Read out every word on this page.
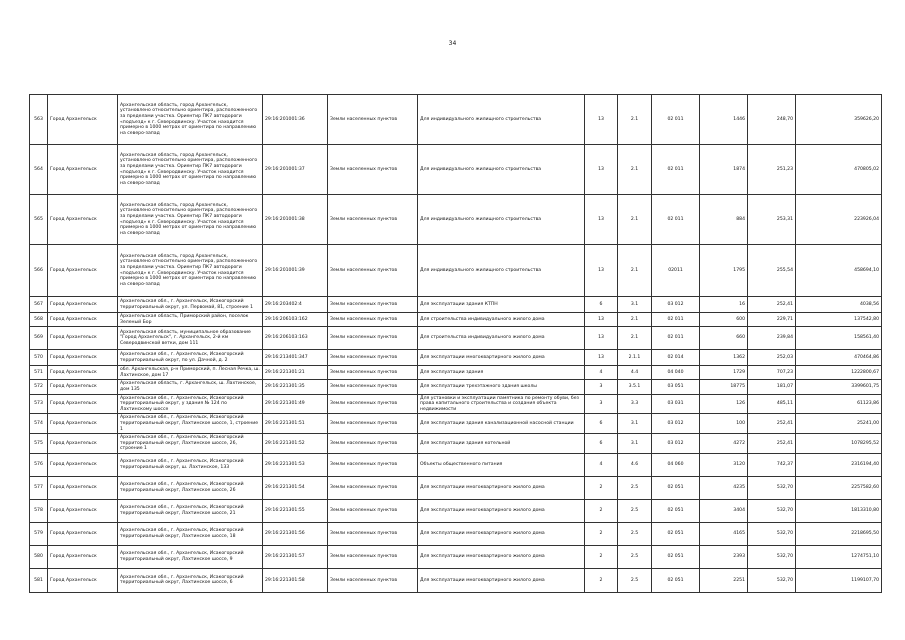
34
563	Город Архангельск	Архангельская область, город Архангельск, установлено относительно ориентира, расположенного за пределами участка. Ориентир ПК7 автодороги «подъезд» к г. Северодвинску. Участок находится примерно в 1000 метрах от ориентира по направлению на северо-запад	29:16:201001:36	Земли населенных пунктов	Для индивидуального жилищного строительства	13	2.1	02 011	1446	248,70	359626,20
564	Город Архангельск	Архангельская область, город Архангельск, установлено относительно ориентира, расположенного за пределами участка. Ориентир ПК7 автодороги «подъезд» к г. Северодвинску. Участок находится примерно в 1000 метрах от ориентира по направлению на северо-запад	29:16:201001:37	Земли населенных пунктов	Для индивидуального жилищного строительства	13	2.1	02 011	1874	251,23	470805,02
565	Город Архангельск	Архангельская область, город Архангельск, установлено относительно ориентира, расположенного за пределами участка. Ориентир ПК7 автодороги «подъезд» к г. Северодвинску. Участок находится примерно в 1000 метрах от ориентира по направлению на северо-запад	29:16:201001:38	Земли населенных пунктов	Для индивидуального жилищного строительства	13	2.1	02 011	884	253,31	223926,04
566	Город Архангельск	Архангельская область, город Архангельск, установлено относительно ориентира, расположенного за пределами участка. Ориентир ПК7 автодороги «подъезд» к г. Северодвинску. Участок находится примерно в 1000 метрах от ориентира по направлению на северо-запад	29:16:201001:39	Земли населенных пунктов	Для индивидуального жилищного строительства	13	2.1	02011	1795	255,54	458694,10
567	Город Архангельск	Архангельская обл., г. Архангельск, Исакогорский территориальный округ, ул. Первомай, 81, строение 1	29:16:203402:4	Земли населенных пунктов	Для эксплуатации здания КТПН	6	3.1	03 012	16	252,41	4038,56
568	Город Архангельск	Архангельская область, Приморский район, поселок Зеленый Бор	29:16:206103:162	Земли населенных пунктов	Для строительства индивидуального жилого дома	13	2.1	02 011	600	229,71	137542,80
569	Город Архангельск	Архангельская область, муниципальное образование "Город Архангельск", г. Архангельск, 2-й км Северодвинской ветки, дом 111	29:16:206103:163	Земли населенных пунктов	Для строительства индивидуального жилого дома	13	2.1	02 011	660	239,84	158561,40
570	Город Архангельск	Архангельская обл., г. Архангельск, Исакогорский территориальный округ, по ул. Дачной, д. 2	29:16:213401:347	Земли населенных пунктов	Для эксплуатации многоквартирного жилого дома	13	2.1.1	02 014	1362	252,03	470464,86
571	Город Архангельск	обл. Архангельская, р-н Приморский, п. Лесная Речка, ш. Лахтинское, дом 17	29:16:221301:21	Земли населенных пунктов	Для эксплуатации здания	4	4.4	04 040	1729	707,23	1222800,67
572	Город Архангельск	Архангельская область, г. Архангельск, ш. Лахтинское, дом 135	29:16:221301:35	Земли населенных пунктов	Для эксплуатации трехэтажного здания школы	3	3.5.1	03 051	18775	181,07	3399601,75
573	Город Архангельск	Архангельская обл., г. Архангельск, Исакогорский территориальный округ, у здания № 124 по Лахтинскому шоссе	29:16:221301:49	Земли населенных пунктов	Для установки и эксплуатации памятника по ремонту обуви, без права капитального строительства и создания объекта недвижимости	3	3.3	03 031	126	485,11	61123,86
574	Город Архангельск	Архангельская обл., г. Архангельск, Исакогорский территориальный округ, Лахтинское шоссе, 1, строение 1	29:16:221301:51	Земли населенных пунктов	Для эксплуатации здания канализационной насосной станции	6	3.1	03 012	100	252,41	25241,00
575	Город Архангельск	Архангельская обл., г. Архангельск, Исакогорский территориальный округ, Лахтинское шоссе, 26, строение 1	29:16:221301:52	Земли населенных пунктов	Для эксплуатации здания котельной	6	3.1	03 012	4272	252,41	1078295,52
576	Город Архангельск	Архангельская обл., г. Архангельск, Исакогорский территориальный округ, ш. Лахтинское, 133	29:16:221301:53	Земли населенных пунктов	Объекты общественного питания	4	4.6	04 060	3120	742,37	2316194,40
577	Город Архангельск	Архангельская обл., г. Архангельск, Исакогорский территориальный округ, Лахтинское шоссе, 26	29:16:221301:54	Земли населенных пунктов	Для эксплуатации многоквартирного жилого дома	2	2.5	02 051	4235	532,70	2257582,60
578	Город Архангельск	Архангельская обл., г. Архангельск, Исакогорский территориальный округ, Лахтинское шоссе, 21	29:16:221301:55	Земли населенных пунктов	Для эксплуатации многоквартирного жилого дома	2	2.5	02 051	3404	532,70	1813310,80
579	Город Архангельск	Архангельская обл., г. Архангельск, Исакогорский территориальный округ, Лахтинское шоссе, 18	29:16:221301:56	Земли населенных пунктов	Для эксплуатации многоквартирного жилого дома	2	2.5	02 051	4165	532,70	2218695,50
580	Город Архангельск	Архангельская обл., г. Архангельск, Исакогорский территориальный округ, Лахтинское шоссе, 9	29:16:221301:57	Земли населенных пунктов	Для эксплуатации многоквартирного жилого дома	2	2.5	02 051	2393	532,70	1274751,10
581	Город Архангельск	Архангельская обл., г. Архангельск, Исакогорский территориальный округ, Лахтинское шоссе, 6	29:16:221301:58	Земли населенных пунктов	Для эксплуатации многоквартирного жилого дома	2	2.5	02 051	2251	532,70	1199107,70
